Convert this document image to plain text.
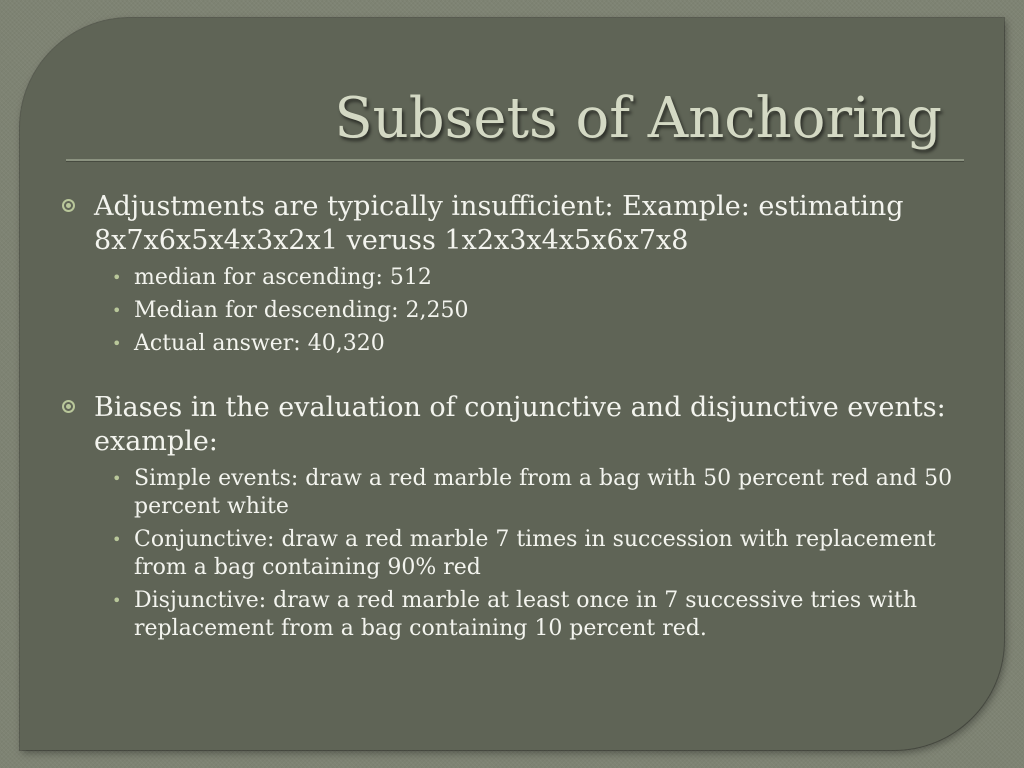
Subsets of Anchoring
Adjustments are typically insufficient: Example: estimating 8x7x6x5x4x3x2x1 veruss 1x2x3x4x5x6x7x8
• median for ascending: 512
• Median for descending: 2,250
• Actual answer: 40,320
Biases in the evaluation of conjunctive and disjunctive events: example:
• Simple events: draw a red marble from a bag with 50 percent red and 50 percent white
• Conjunctive: draw a red marble 7 times in succession with replacement from a bag containing 90% red
• Disjunctive: draw a red marble at least once in 7 successive tries with replacement from a bag containing 10 percent red.
